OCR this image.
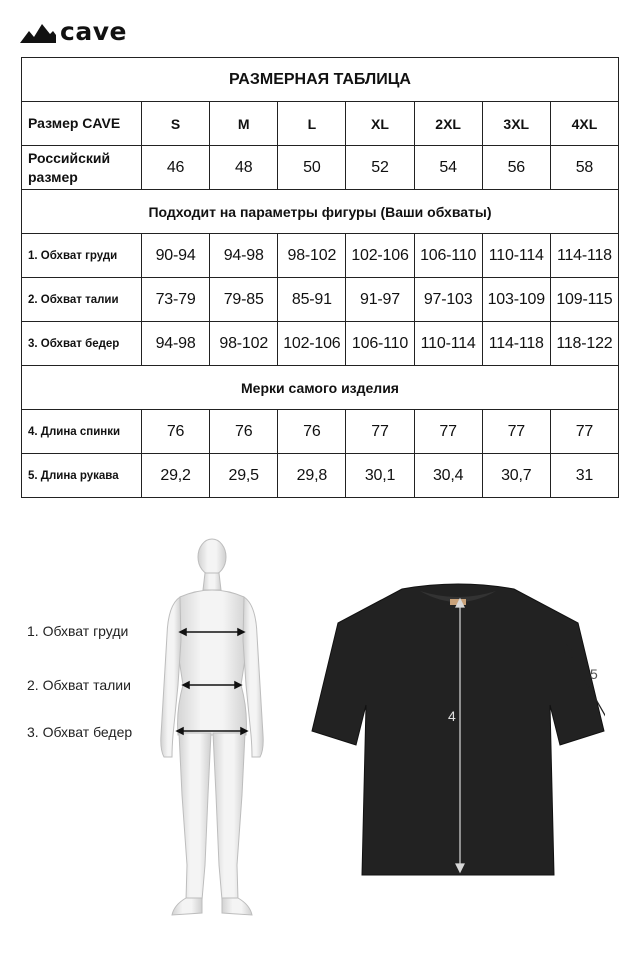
cave
РАЗМЕРНАЯ ТАБЛИЦА							
Размер CAVE	S	M	L	XL	2XL	3XL	4XL
Российский размер	46	48	50	52	54	56	58
Подходит на параметры фигуры (Ваши обхваты)							
1. Обхват груди	90-94	94-98	98-102	102-106	106-110	110-114	114-118
2. Обхват талии	73-79	79-85	85-91	91-97	97-103	103-109	109-115
3. Обхват бедер	94-98	98-102	102-106	106-110	110-114	114-118	118-122
Мерки самого изделия							
4. Длина спинки	76	76	76	77	77	77	77
5. Длина рукава	29,2	29,5	29,8	30,1	30,4	30,7	31
1. Обхват груди
2. Обхват талии
3. Обхват бедер
4
5
